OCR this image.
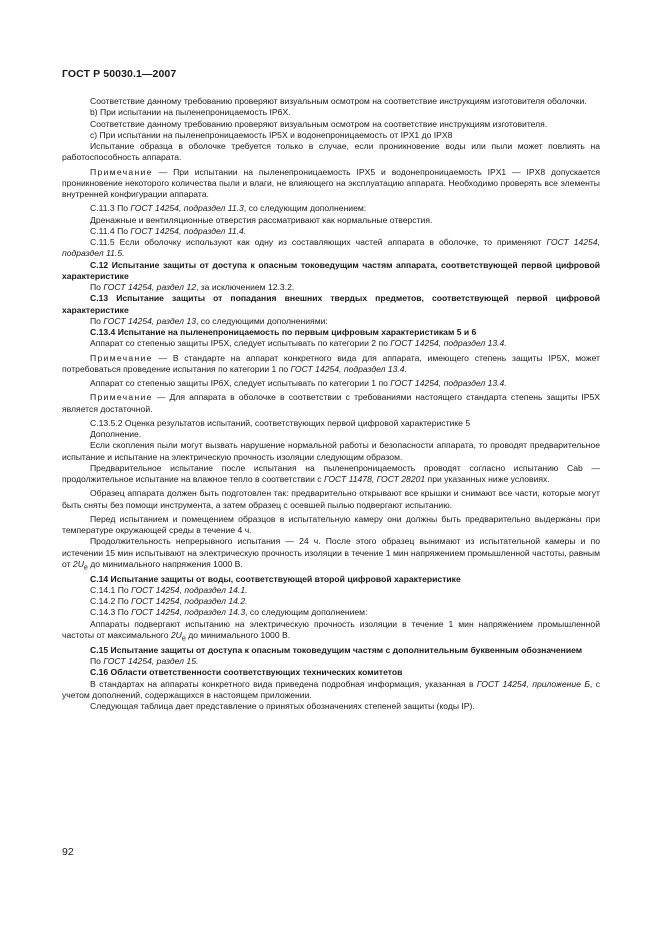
ГОСТ Р 50030.1—2007

Соответствие данному требованию проверяют визуальным осмотром на соответствие инструкциям изготовителя оболочки.

b) При испытании на пыленепроницаемость IP6X.

Соответствие данному требованию проверяют визуальным осмотром на соответствие инструкциям изготовителя.

c) При испытании на пыленепроницаемость IP5X и водонепроницаемость от IPX1 до IPX8

Испытание образца в оболочке требуется только в случае, если проникновение воды или пыли может повлиять на работоспособность аппарата.

Примечание — При испытании на пыленепроницаемость IPX5 и водонепроницаемость IPX1 — IPX8 допускается проникновение некоторого количества пыли и влаги, не влияющего на эксплуатацию аппарата. Необходимо проверять все элементы внутренней конфигурации аппарата.

С.11.3 По ГОСТ 14254, подраздел 11.3, со следующим дополнением:

Дренажные и вентиляционные отверстия рассматривают как нормальные отверстия.

С.11.4 По ГОСТ 14254, подраздел 11.4.

С.11.5 Если оболочку используют как одну из составляющих частей аппарата в оболочке, то применяют ГОСТ 14254, подраздел 11.5.

С.12 Испытание защиты от доступа к опасным токоведущим частям аппарата, соответствующей первой цифровой характеристике

По ГОСТ 14254, раздел 12, за исключением 12.3.2.

С.13 Испытание защиты от попадания внешних твердых предметов, соответствующей первой цифровой характеристике

По ГОСТ 14254, раздел 13, со следующими дополнениями:

С.13.4 Испытание на пыленепроницаемость по первым цифровым характеристикам 5 и 6

Аппарат со степенью защиты IP5X, следует испытывать по категории 2 по ГОСТ 14254, подраздел 13.4.

Примечание — В стандарте на аппарат конкретного вида для аппарата, имеющего степень защиты IP5X, может потребоваться проведение испытания по категории 1 по ГОСТ 14254, подраздел 13.4.

Аппарат со степенью защиты IP6X, следует испытывать по категории 1 по ГОСТ 14254, подраздел 13.4.

Примечание — Для аппарата в оболочке в соответствии с требованиями настоящего стандарта степень защиты IP5X является достаточной.

С.13.5.2 Оценка результатов испытаний, соответствующих первой цифровой характеристике 5

Дополнение.

Если скопления пыли могут вызвать нарушение нормальной работы и безопасности аппарата, то проводят предварительное испытание и испытание на электрическую прочность изоляции следующим образом.

Предварительное испытание после испытания на пыленепроницаемость проводят согласно испытанию Cab — продолжительное испытание на влажное тепло в соответствии с ГОСТ 11478, ГОСТ 28201 при указанных ниже условиях.

Образец аппарата должен быть подготовлен так: предварительно открывают все крышки и снимают все части, которые могут быть сняты без помощи инструмента, а затем образец с осевшей пылью подвергают испытанию.

Перед испытанием и помещением образцов в испытательную камеру они должны быть предварительно выдержаны при температуре окружающей среды в течение 4 ч.

Продолжительность непрерывного испытания — 24 ч. После этого образец вынимают из испытательной камеры и по истечении 15 мин испытывают на электрическую прочность изоляции в течение 1 мин напряжением промышленной частоты, равным от $2U_e$ до минимального напряжения 1000 В.

С.14 Испытание защиты от воды, соответствующей второй цифровой характеристике

С.14.1 По ГОСТ 14254, подраздел 14.1.

С.14.2 По ГОСТ 14254, подраздел 14.2.

С.14.3 По ГОСТ 14254, подраздел 14.3, со следующим дополнением:

Аппараты подвергают испытанию на электрическую прочность изоляции в течение 1 мин напряжением промышленной частоты от максимального $2U_e$ до минимального 1000 В.

С.15 Испытание защиты от доступа к опасным токоведущим частям с дополнительным буквенным обозначением

По ГОСТ 14254, раздел 15.

С.16 Области ответственности соответствующих технических комитетов

В стандартах на аппараты конкретного вида приведена подробная информация, указанная в ГОСТ 14254, приложение Б, с учетом дополнений, содержащихся в настоящем приложении.

Следующая таблица дает представление о принятых обозначениях степеней защиты (коды IP).

92
